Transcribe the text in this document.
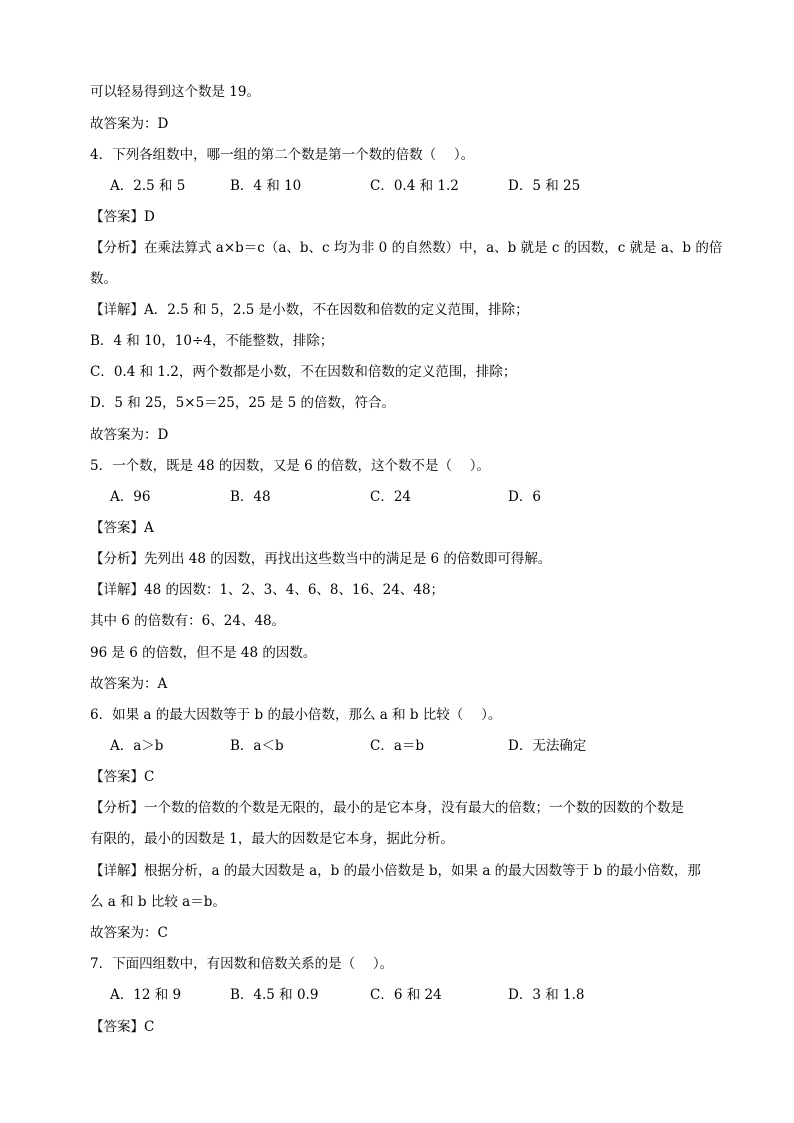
可以轻易得到这个数是 19。

故答案为：D

4．下列各组数中，哪一组的第二个数是第一个数的倍数（　 ）。

A．2.5 和 5	B．4 和 10	C．0.4 和 1.2	D．5 和 25

【答案】D

【分析】在乘法算式 a×b＝c（a、b、c 均为非 0 的自然数）中，a、b 就是 c 的因数，c 就是 a、b 的倍

数。

【详解】A．2.5 和 5，2.5 是小数，不在因数和倍数的定义范围，排除；

B．4 和 10，10÷4，不能整数，排除；

C．0.4 和 1.2，两个数都是小数，不在因数和倍数的定义范围，排除；

D．5 和 25，5×5＝25，25 是 5 的倍数，符合。

故答案为：D

5．一个数，既是 48 的因数，又是 6 的倍数，这个数不是（　 ）。

A．96	B．48	C．24	D．6

【答案】A

【分析】先列出 48 的因数，再找出这些数当中的满足是 6 的倍数即可得解。

【详解】48 的因数：1、2、3、4、6、8、16、24、48；

其中 6 的倍数有：6、24、48。

96 是 6 的倍数，但不是 48 的因数。

故答案为：A

6．如果 a 的最大因数等于 b 的最小倍数，那么 a 和 b 比较（　 ）。

A．a＞b	B．a＜b	C．a＝b	D．无法确定

【答案】C

【分析】一个数的倍数的个数是无限的，最小的是它本身，没有最大的倍数；一个数的因数的个数是

有限的，最小的因数是 1，最大的因数是它本身，据此分析。

【详解】根据分析，a 的最大因数是 a，b 的最小倍数是 b，如果 a 的最大因数等于 b 的最小倍数，那

么 a 和 b 比较 a＝b。

故答案为：C

7．下面四组数中，有因数和倍数关系的是（　 ）。

A．12 和 9	B．4.5 和 0.9	C．6 和 24	D．3 和 1.8

【答案】C
